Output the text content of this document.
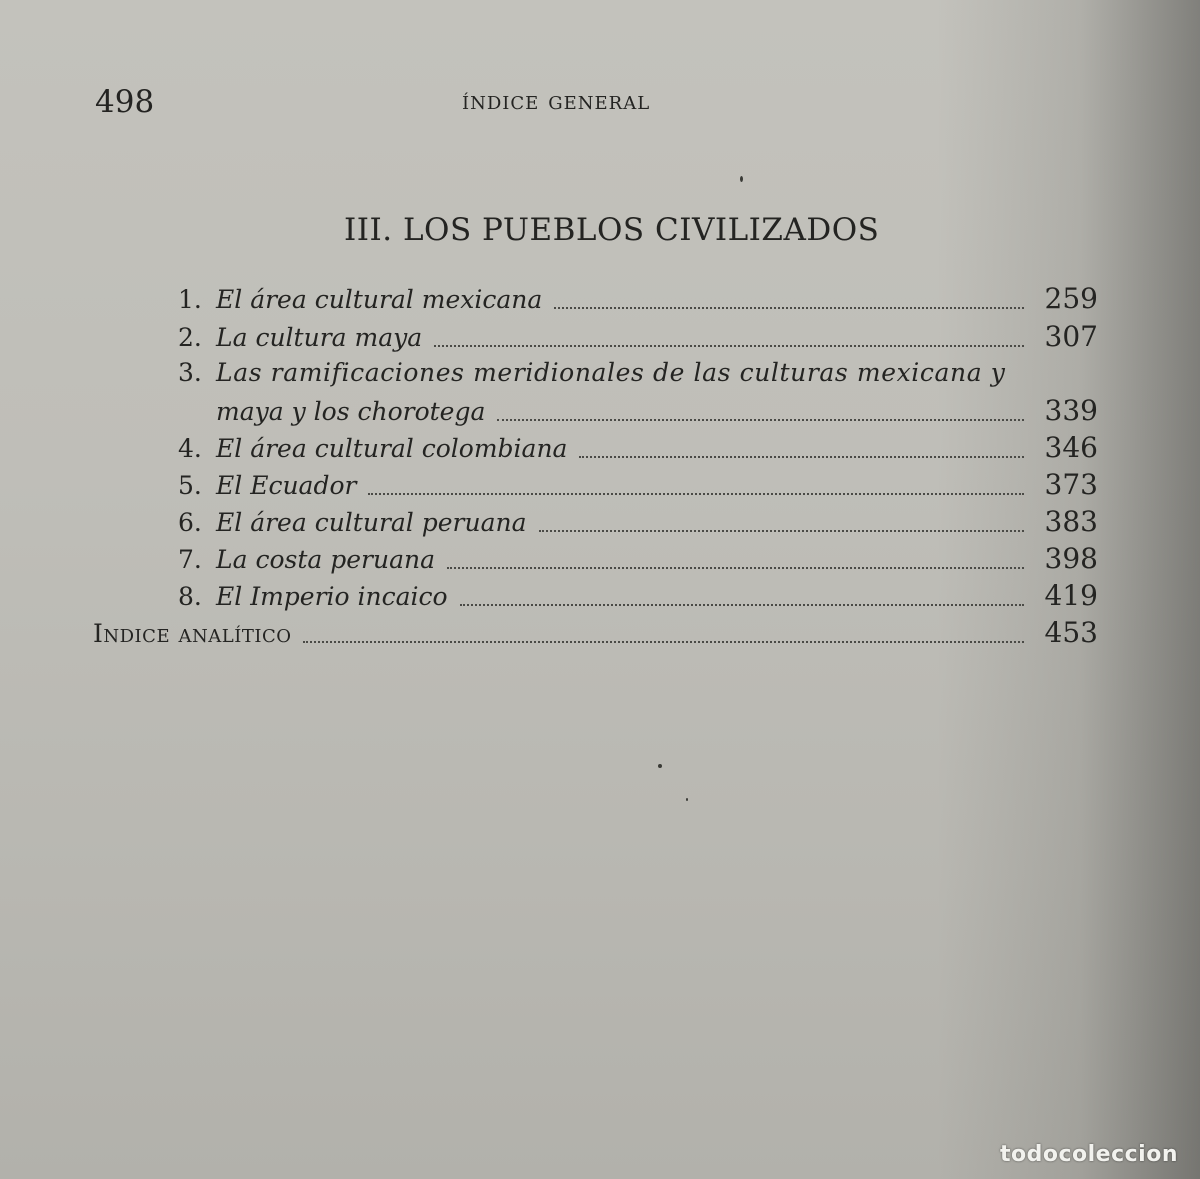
498	índice general
III. LOS PUEBLOS CIVILIZADOS
1. El área cultural mexicana	259
2. La cultura maya	307
3. Las ramificaciones meridionales de las culturas mexicana y
maya y los chorotega	339
4. El área cultural colombiana	346
5. El Ecuador	373
6. El área cultural peruana	383
7. La costa peruana	398
8. El Imperio incaico	419
Indice analítico	453
todocoleccion
